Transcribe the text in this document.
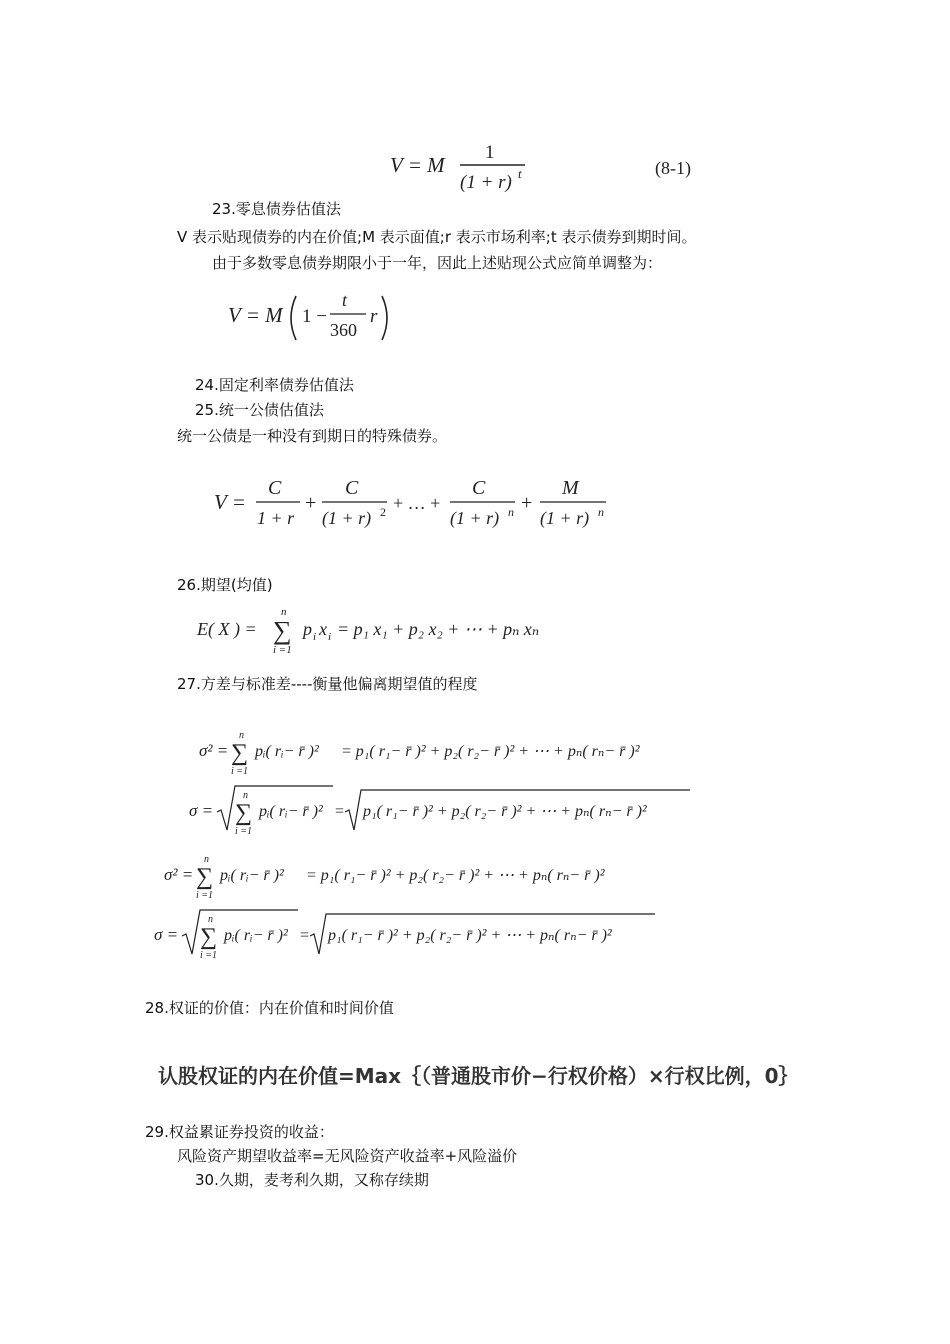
V = M
1
(1 + r) t	(8-1)
23.零息债券估值法
V 表示贴现债券的内在价值;M 表示面值;r 表示市场利率;t 表示债券到期时间。
由于多数零息债券期限小于一年，因此上述贴现公式应简单调整为：
V = M 1 −
t
360
r
24.固定利率债券估值法
25.统一公债估值法
统一公债是一种没有到期日的特殊债券。
V =
C
1 + r
+
C
(1 + r) 2 + … +
C
(1 + r) n +
M
(1 + r) n
26.期望(均值)
E( X ) =
n
∑
i =1
p i x i = p₁ x₁ + p₂ x₂ + ⋯ + pₙ xₙ
27.方差与标准差----衡量他偏离期望值的程度
σ² =
n
∑
i =1
pᵢ( rᵢ− r̄ )² = p₁( r₁− r̄ )² + p₂( r₂− r̄ )² + ⋯ + pₙ( rₙ− r̄ )²
σ =
n
∑
i =1
pᵢ( rᵢ− r̄ )² = p₁( r₁− r̄ )² + p₂( r₂− r̄ )² + ⋯ + pₙ( rₙ− r̄ )²
σ² =
n
∑
i =1
pᵢ( rᵢ− r̄ )² = p₁( r₁− r̄ )² + p₂( r₂− r̄ )² + ⋯ + pₙ( rₙ− r̄ )²
σ =
n
∑
i =1
pᵢ( rᵢ− r̄ )² = p₁( r₁− r̄ )² + p₂( r₂− r̄ )² + ⋯ + pₙ( rₙ− r̄ )²
28.权证的价值：内在价值和时间价值
认股权证的内在价值=Max｛（普通股市价−行权价格）×行权比例，0｝
29.权益累证券投资的收益：
风险资产期望收益率=无风险资产收益率+风险溢价
30.久期，麦考利久期，又称存续期
